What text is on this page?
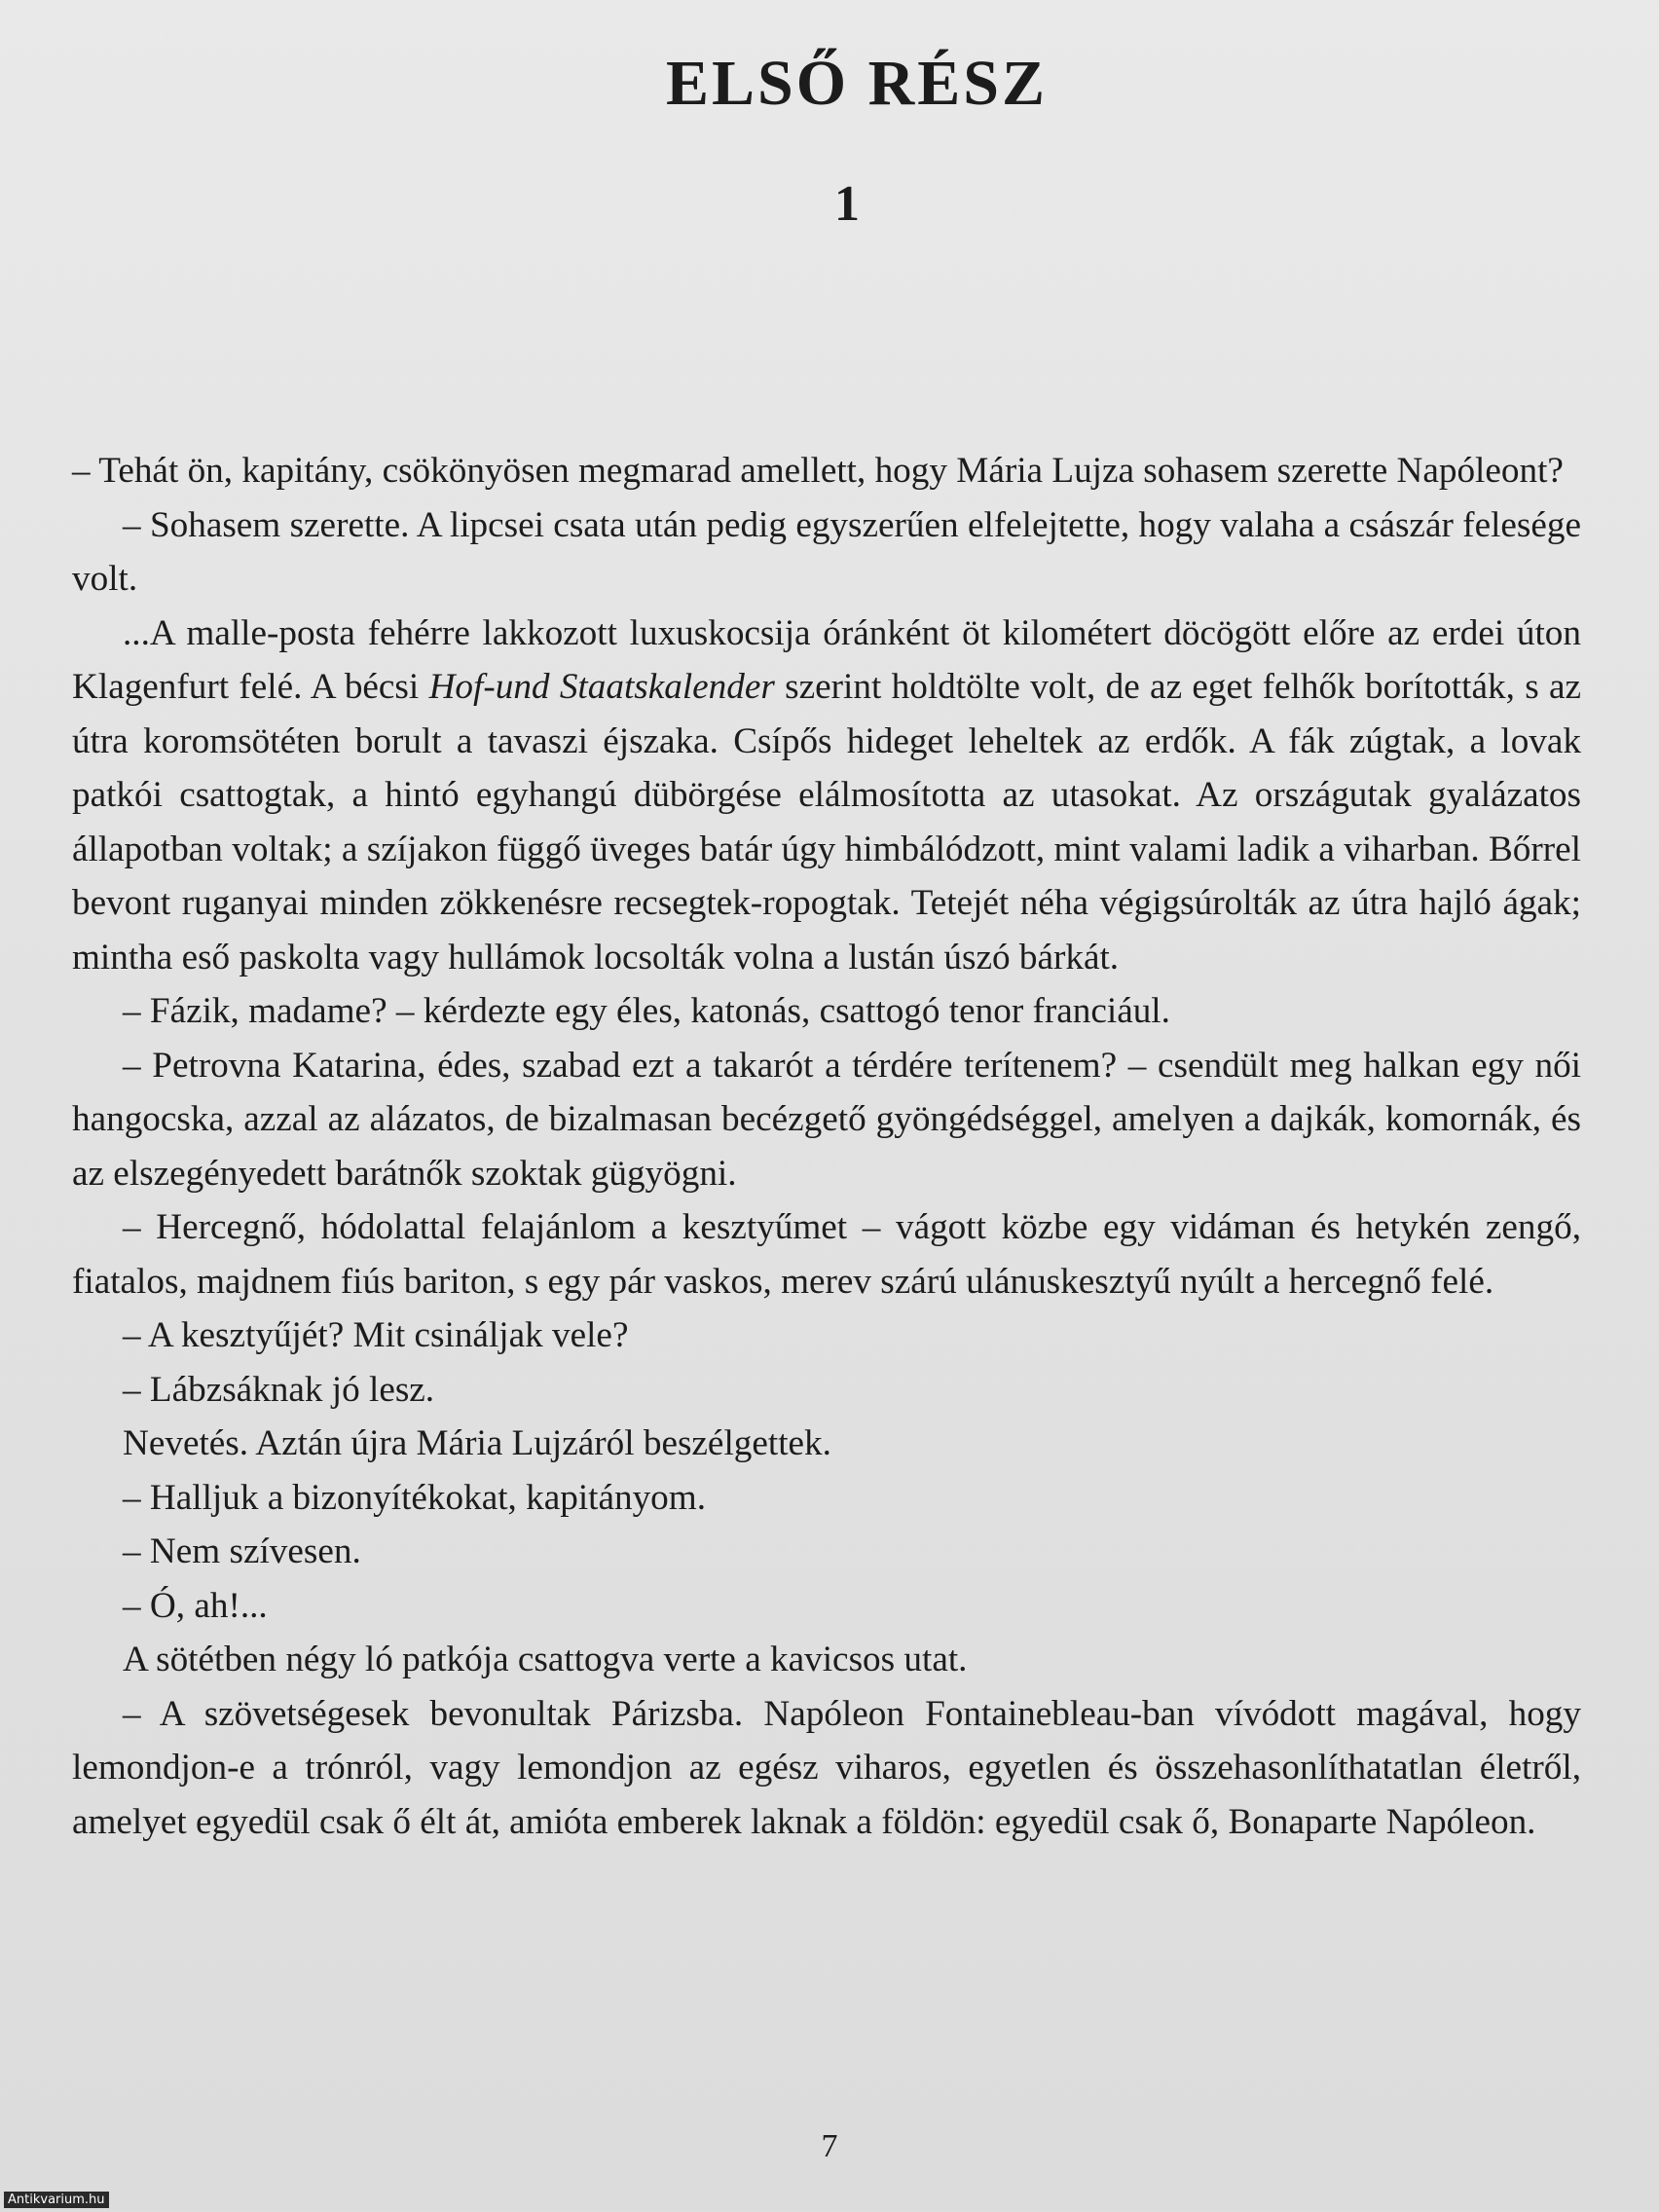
ELSŐ RÉSZ
1

– Tehát ön, kapitány, csökönyösen megmarad amellett, hogy Mária Lujza sohasem szerette Napóleont?

– Sohasem szerette. A lipcsei csata után pedig egyszerűen elfelejtette, hogy valaha a császár felesége volt.

...A malle-posta fehérre lakkozott luxuskocsija óránként öt kilométert döcögött előre az erdei úton Klagenfurt felé. A bécsi Hof-und Staatskalender szerint holdtölte volt, de az eget felhők borították, s az útra koromsötéten borult a tavaszi éjszaka. Csípős hideget leheltek az erdők. A fák zúgtak, a lovak patkói csattogtak, a hintó egyhangú dübörgése elálmosította az utasokat. Az országutak gyalázatos állapotban voltak; a szíjakon függő üveges batár úgy himbálódzott, mint valami ladik a viharban. Bőrrel bevont ruganyai minden zökkenésre recsegtek-ropogtak. Tetejét néha végigsúrolták az útra hajló ágak; mintha eső paskolta vagy hullámok locsolták volna a lustán úszó bárkát.

– Fázik, madame? – kérdezte egy éles, katonás, csattogó tenor franciául.

– Petrovna Katarina, édes, szabad ezt a takarót a térdére terítenem? – csendült meg halkan egy női hangocska, azzal az alázatos, de bizalmasan becézgető gyöngédséggel, amelyen a dajkák, komornák, és az elszegényedett barátnők szoktak gügyögni.

– Hercegnő, hódolattal felajánlom a kesztyűmet – vágott közbe egy vidáman és hetykén zengő, fiatalos, majdnem fiús bariton, s egy pár vaskos, merev szárú ulánuskesztyű nyúlt a hercegnő felé.

– A kesztyűjét? Mit csináljak vele?

– Lábzsáknak jó lesz.

Nevetés. Aztán újra Mária Lujzáról beszélgettek.

– Halljuk a bizonyítékokat, kapitányom.

– Nem szívesen.

– Ó, ah!...

A sötétben négy ló patkója csattogva verte a kavicsos utat.

– A szövetségesek bevonultak Párizsba. Napóleon Fontainebleau-ban vívódott magával, hogy lemondjon-e a trónról, vagy lemondjon az egész viharos, egyetlen és összehasonlíthatatlan életről, amelyet egyedül csak ő élt át, amióta emberek laknak a földön: egyedül csak ő, Bonaparte Napóleon.

7
Antikvarium.hu
